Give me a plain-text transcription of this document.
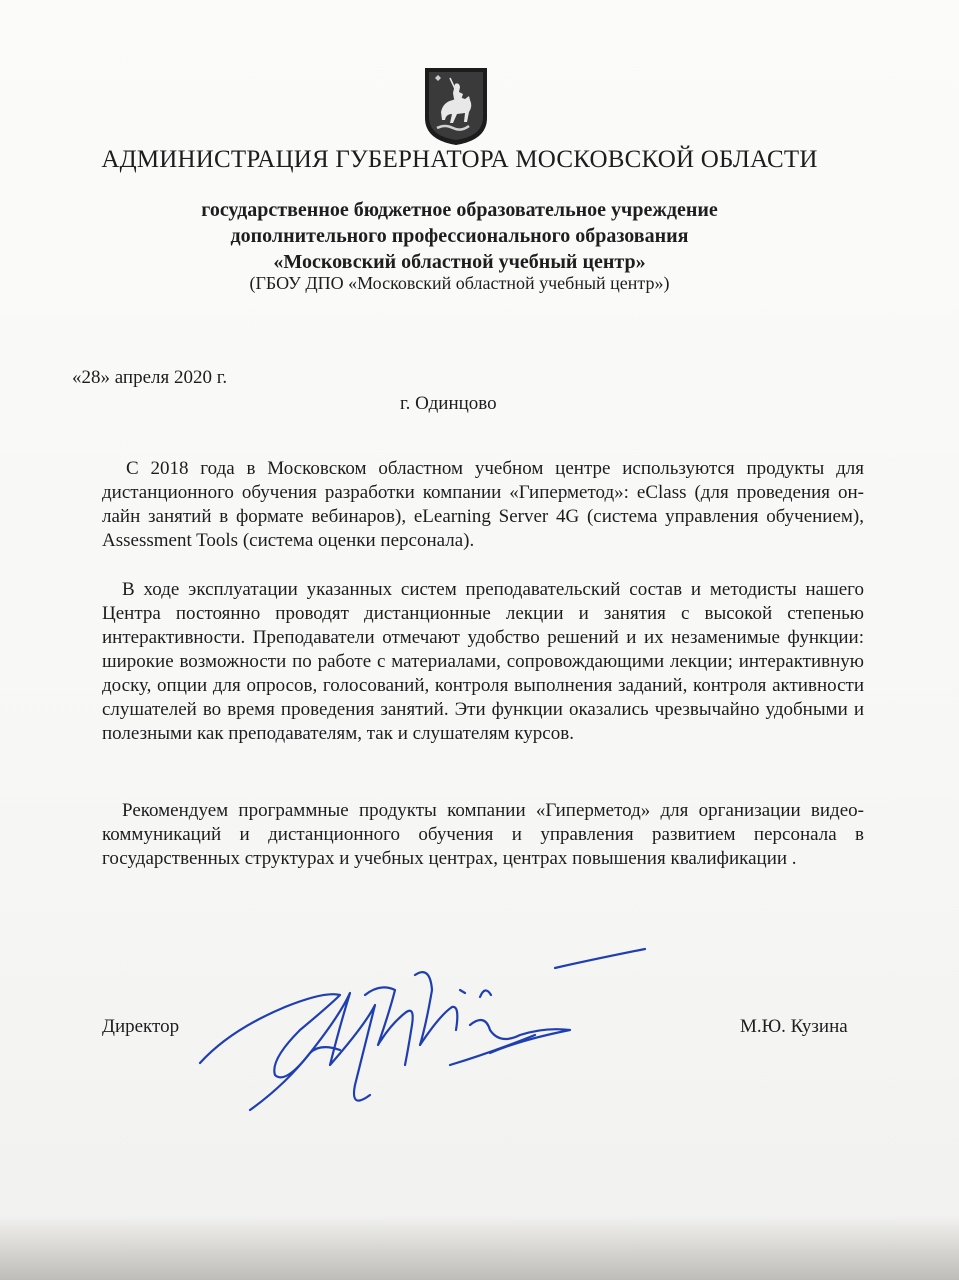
АДМИНИСТРАЦИЯ ГУБЕРНАТОРА МОСКОВСКОЙ ОБЛАСТИ
государственное бюджетное образовательное учреждение
дополнительного профессионального образования
«Московский областной учебный центр»
(ГБОУ ДПО «Московский областной учебный центр»)
«28» апреля 2020 г.
г. Одинцово

С 2018 года в Московском областном учебном центре используются продукты для дистанционного обучения разработки компании «Гиперметод»: eClass (для проведения он-лайн занятий в формате вебинаров), eLearning Server 4G (система управления обучением), Assessment Tools (система оценки персонала).

В ходе эксплуатации указанных систем преподавательский состав и методисты нашего Центра постоянно проводят дистанционные лекции и занятия с высокой степенью интерактивности. Преподаватели отмечают удобство решений и их незаменимые функции: широкие возможности по работе с материалами, сопровождающими лекции; интерактивную доску, опции для опросов, голосований, контроля выполнения заданий, контроля активности слушателей во время проведения занятий. Эти функции оказались чрезвычайно удобными и полезными как преподавателям, так и слушателям курсов.

Рекомендуем программные продукты компании «Гиперметод» для организации видео-коммуникаций и дистанционного обучения и управления развитием персонала в государственных структурах и учебных центрах, центрах повышения квалификации .

Директор	М.Ю. Кузина
